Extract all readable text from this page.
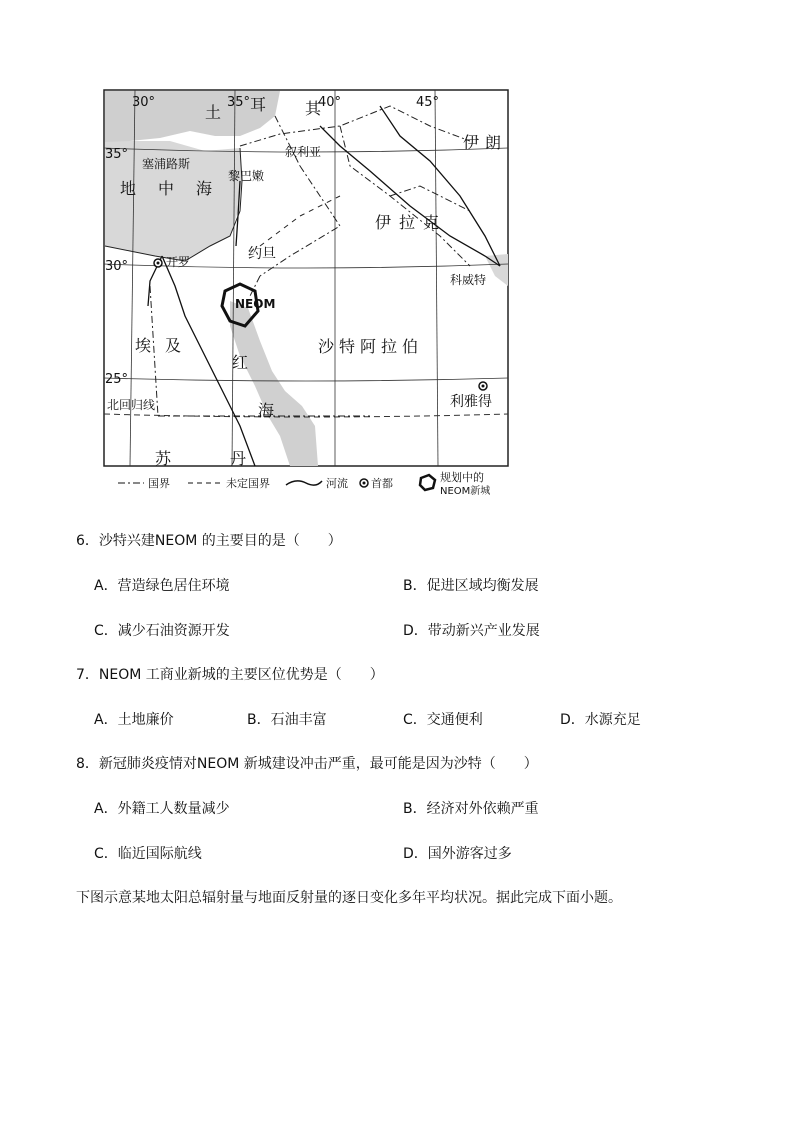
30°	35°	40°	45°
35°
30°
25°
土 耳 其
塞浦路斯
叙利亚
黎巴嫩
伊朗
伊拉克
地中海
约旦
科威特
开罗
NEOM
埃及
红
海
沙特阿拉伯
利雅得
北回归线
苏	丹
国界	未定国界	河流 首都	规划中的
NEOM新城
6．沙特兴建NEOM 的主要目的是（　　）
A．营造绿色居住环境	B．促进区域均衡发展
C．减少石油资源开发	D．带动新兴产业发展
7．NEOM 工商业新城的主要区位优势是（　　）
A．土地廉价	B．石油丰富	C．交通便利	D．水源充足
8．新冠肺炎疫情对NEOM 新城建设冲击严重，最可能是因为沙特（　　）
A．外籍工人数量减少	B．经济对外依赖严重
C．临近国际航线	D．国外游客过多
下图示意某地太阳总辐射量与地面反射量的逐日变化多年平均状况。据此完成下面小题。
